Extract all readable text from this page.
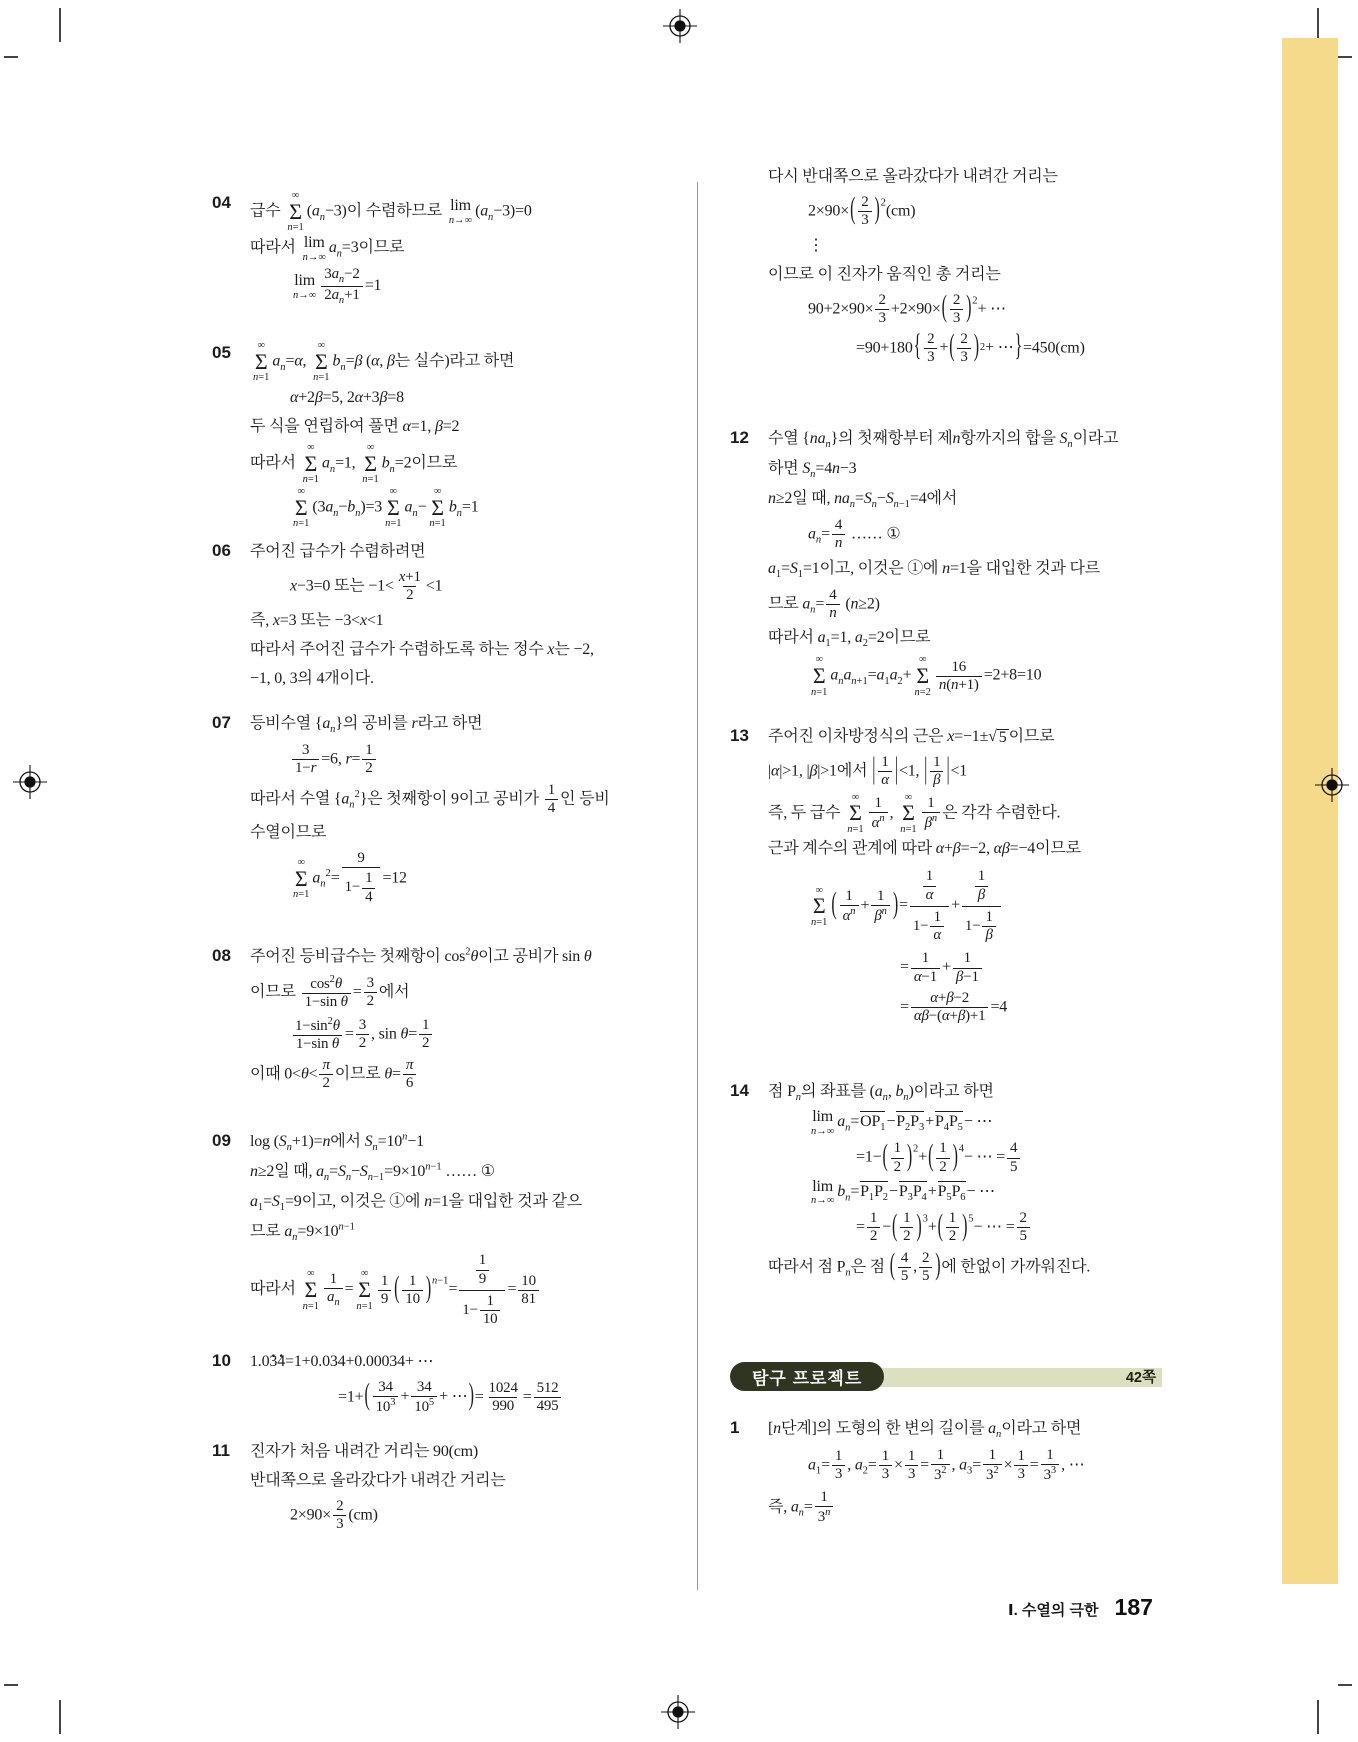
탐구 프로젝트	42쪽
Ⅰ. 수열의 극한 187
04	급수
∞
Σ
n=1
$(a_n-3)$이 수렴하므로 lim
n→∞
$(a_n-3)=0$
따라서 lim
n→∞
$a_n=3$이므로
lim
$n\to\infty \frac{3a_n-2}{2a_n+1} =1$
05	∞
Σ
n=1
$a_n=\alpha$,
∞
Σ
n=1
$b_n=\beta$ (α, β는 실수)라고 하면
α+2β=5, 2α+3β=8
두 식을 연립하여 풀면 α=1, β=2
따라서
∞
Σ
n=1
$a_n=1$,
∞
Σ
n=1
$b_n=2$이므로
∞
Σ
n=1
$(3a_n-b_n)=3$
∞
Σ
n=1
$a_n-$
∞
Σ
n=1
$b_n=1$
06	주어진 급수가 수렴하려면
x−3=0 또는 $-1< \frac{x+1}{2} <1$
즉, x=3 또는 −3<x<1
따라서 주어진 급수가 수렴하도록 하는 정수 x는 −2,
−1, 0, 3의 4개이다.
07	등비수열 $\{a_n\}$의 공비를 r라고 하면
$\frac{3}{1-r} =6$, $r= \frac{1}{2}$
따라서 수열 $\{a_n^2\}$은 첫째항이 9이고 공비가 $\frac{1}{4}$ 인 등비
수열이므로
∞
Σ
n=1
$a_n^2= \frac{9}{1- \frac{1}{4}} =12$
08	주어진 등비급수는 첫째항이 $\cos^2\theta$이고 공비가 sin θ
이므로 $\frac{\cos^2\theta}{\text{1−sin θ}} = \frac{3}{2}$ 에서
$\frac{1-\sin^2\theta}{\text{1−sin θ}} = \frac{3}{2}$ , $\sin \theta= \frac{1}{2}$
이때 $0<\theta< \frac{\pi}{2}$ 이므로 $\theta= \frac{\pi}{6}$
09	$\log (S_n+1)=n$에서 $S_n=10^n-1$
n≥2일 때, $a_n=S_n-S_{n-1}=9\times 10^{n-1}$ …… ①
$a_1=S_1=9$이고, 이것은 ①에 n=1을 대입한 것과 같으
므로 $a_n=9\times 10^{n-1}$
따라서
∞
Σ
$n=1 \frac{1}{a_n}$ =
∞
Σ
$n=1 \frac{1}{9}$ ( $\frac{1}{10}$ ) $^{n-1}= \frac{\frac{1}{9}}{1- \frac{1}{10}} = \frac{10}{81}$
10	1.03 ·4 ·=1+0.034+0.00034+ ⋯
=1+ ( $\frac{34}{10^3} + \frac{34}{10^5}$ + ⋯ ) = $\frac{1024}{990} = \frac{512}{495}$
11	진자가 처음 내려간 거리는 90(cm)
반대쪽으로 올라갔다가 내려간 거리는
$2\times 90\times \frac{2}{3} (cm)$
다시 반대쪽으로 올라갔다가 내려간 거리는
2×90× ( $\frac{2}{3}$ ) $^2$(cm)
⋮
이므로 이 진자가 움직인 총 거리는
$90+2\times 90\times \frac{2}{3} +2\times 90\times$ ( $\frac{2}{3}$ ) $^2$+ ⋯
=90+180 { $\frac{2}{3}$ + ( $\frac{2}{3}$ ) 2 + ⋯ } =450(cm)
12	수열 $\{na_n\}$의 첫째항부터 제n항까지의 합을 $S_n$이라고
하면 $S_n=4n-3$
n≥2일 때, $na_n=S_n-S_{n-1}=4$에서
$a_n= \frac{4}{n}$ …… ①
$a_1=S_1=1$이고, 이것은 ①에 n=1을 대입한 것과 다르
므로 $a_n= \frac{4}{n} (n\ge 2)$
따라서 $a_1=1$, $a_2=2$이므로
∞
Σ
n=1
$a_na_{n+1}=a_1a_2+$
∞
Σ
$n=2 \frac{16}{n(n+1)} =2+8=10$
13	주어진 이차방정식의 근은 x=−1± √ 5 이므로
|α|>1, |β|>1에서 | $\frac{1}{\alpha}$ | <1, | $\frac{1}{\beta}$ | <1
즉, 두 급수
∞
Σ
$n=1 \frac{1}{\alpha^n}$ ,
∞
Σ
$n=1 \frac{1}{\beta^n}$ 은 각각 수렴한다.
근과 계수의 관계에 따라 α+β=−2, αβ=−4이므로
∞
Σ
n=1
( $\frac{1}{\alpha^n} + \frac{1}{\beta^n}$ ) = $\frac{\frac{1}{\alpha}}{1- \frac{1}{\alpha}} + \frac{\frac{1}{\beta}}{1- \frac{1}{\beta}}$
= $\frac{1}{\alpha-1} + \frac{1}{\beta-1}$
= $\frac{\alpha+\beta-2}{\alpha\beta-(\alpha+\beta)+1} =4$
14	점 $P_n$의 좌표를 ($a_n$, $b_n$)이라고 하면
lim
n→∞
$a_n=OP_1-P_2P_3+P_4P_5-$ ⋯
=1− ( $\frac{1}{2}$ ) $^2$+ ( $\frac{1}{2}$ ) $^4$− ⋯ = $\frac{4}{5}$
lim
n→∞
$b_n=P_1P_2-P_3P_4+P_5P_6-$ ⋯
= $\frac{1}{2}$ − ( $\frac{1}{2}$ ) $^3$+ ( $\frac{1}{2}$ ) $^5$− ⋯ = $\frac{2}{5}$
따라서 점 $P_n$은 점 ( $\frac{4}{5}$ , $\frac{2}{5}$ ) 에 한없이 가까워진다.
1	[n단계]의 도형의 한 변의 길이를 $a_n$이라고 하면
$a_1= \frac{1}{3}$ , $a_2= \frac{1}{3} \times \frac{1}{3} = \frac{1}{3^2}$ , $a_3= \frac{1}{3^2} \times \frac{1}{3} = \frac{1}{3^3}$ , ⋯
즉, $a_n= \frac{1}{3^n}$
